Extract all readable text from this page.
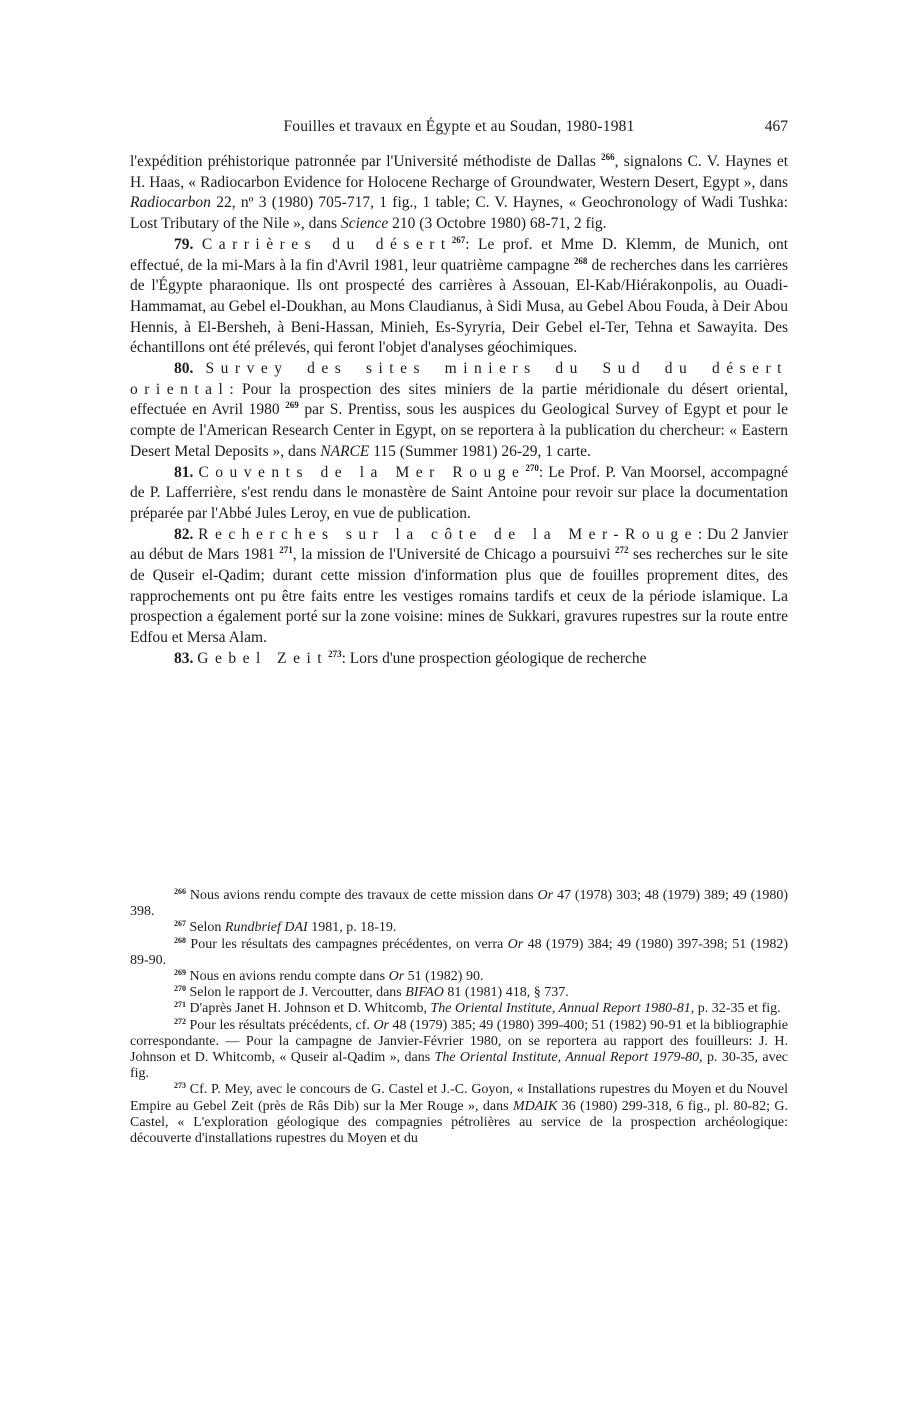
Fouilles et travaux en Égypte et au Soudan, 1980-1981	467

l'expédition préhistorique patronnée par l'Université méthodiste de Dallas $^{266}$, signalons C. V. Haynes et H. Haas, « Radiocarbon Evidence for Holocene Recharge of Groundwater, Western Desert, Egypt », dans Radiocarbon 22, nº 3 (1980) 705-717, 1 fig., 1 table; C. V. Haynes, « Geochronology of Wadi Tushka: Lost Tributary of the Nile », dans Science 210 (3 Octobre 1980) 68-71, 2 fig.

79. Carrières du désert$^{267}$: Le prof. et Mme D. Klemm, de Munich, ont effectué, de la mi-Mars à la fin d'Avril 1981, leur quatrième campagne $^{268}$ de recherches dans les carrières de l'Égypte pharaonique. Ils ont prospecté des carrières à Assouan, El-Kab/Hiérakonpolis, au Ouadi-Hammamat, au Gebel el-Doukhan, au Mons Claudianus, à Sidi Musa, au Gebel Abou Fouda, à Deir Abou Hennis, à El-Bersheh, à Beni-Hassan, Minieh, Es-Syryria, Deir Gebel el-Ter, Tehna et Sawayita. Des échantillons ont été prélevés, qui feront l'objet d'analyses géochimiques.

80. Survey des sites miniers du Sud du désert oriental: Pour la prospection des sites miniers de la partie méridionale du désert oriental, effectuée en Avril 1980 $^{269}$ par S. Prentiss, sous les auspices du Geological Survey of Egypt et pour le compte de l'American Research Center in Egypt, on se reportera à la publication du chercheur: « Eastern Desert Metal Deposits », dans NARCE 115 (Summer 1981) 26-29, 1 carte.

81. Couvents de la Mer Rouge$^{270}$: Le Prof. P. Van Moorsel, accompagné de P. Lafferrière, s'est rendu dans le monastère de Saint Antoine pour revoir sur place la documentation préparée par l'Abbé Jules Leroy, en vue de publication.

82. Recherches sur la côte de la Mer-Rouge: Du 2 Janvier au début de Mars 1981 $^{271}$, la mission de l'Université de Chicago a poursuivi $^{272}$ ses recherches sur le site de Quseir el-Qadim; durant cette mission d'information plus que de fouilles proprement dites, des rapprochements ont pu être faits entre les vestiges romains tardifs et ceux de la période islamique. La prospection a également porté sur la zone voisine: mines de Sukkari, gravures rupestres sur la route entre Edfou et Mersa Alam.

83. Gebel Zeit$^{273}$: Lors d'une prospection géologique de recherche

$^{266}$ Nous avions rendu compte des travaux de cette mission dans Or 47 (1978) 303; 48 (1979) 389; 49 (1980) 398.

$^{267}$ Selon Rundbrief DAI 1981, p. 18-19.

$^{268}$ Pour les résultats des campagnes précédentes, on verra Or 48 (1979) 384; 49 (1980) 397-398; 51 (1982) 89-90.

$^{269}$ Nous en avions rendu compte dans Or 51 (1982) 90.

$^{270}$ Selon le rapport de J. Vercoutter, dans BIFAO 81 (1981) 418, § 737.

$^{271}$ D'après Janet H. Johnson et D. Whitcomb, The Oriental Institute, Annual Report 1980-81, p. 32-35 et fig.

$^{272}$ Pour les résultats précédents, cf. Or 48 (1979) 385; 49 (1980) 399-400; 51 (1982) 90-91 et la bibliographie correspondante. — Pour la campagne de Janvier-Février 1980, on se reportera au rapport des fouilleurs: J. H. Johnson et D. Whitcomb, « Quseir al-Qadim », dans The Oriental Institute, Annual Report 1979-80, p. 30-35, avec fig.

$^{273}$ Cf. P. Mey, avec le concours de G. Castel et J.-C. Goyon, « Installations rupestres du Moyen et du Nouvel Empire au Gebel Zeit (près de Râs Dib) sur la Mer Rouge », dans MDAIK 36 (1980) 299-318, 6 fig., pl. 80-82; G. Castel, « L'exploration géologique des compagnies pétrolières au service de la prospection archéologique: découverte d'installations rupestres du Moyen et du
